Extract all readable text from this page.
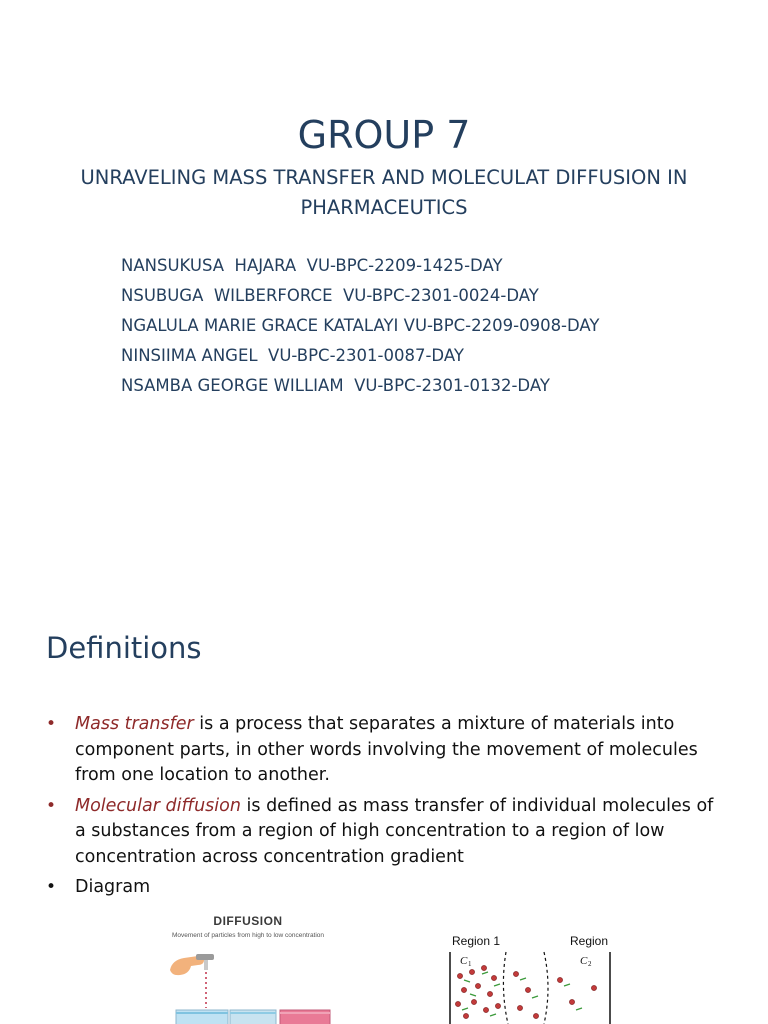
GROUP 7
UNRAVELING MASS TRANSFER AND MOLECULAT DIFFUSION IN PHARMACEUTICS
NANSUKUSA  HAJARA  VU-BPC-2209-1425-DAY
NSUBUGA  WILBERFORCE  VU-BPC-2301-0024-DAY
NGALULA MARIE GRACE KATALAYI VU-BPC-2209-0908-DAY
NINSIIMA ANGEL  VU-BPC-2301-0087-DAY
NSAMBA GEORGE WILLIAM  VU-BPC-2301-0132-DAY
Definitions
• Mass transfer is a process that separates a mixture of materials into component parts, in other words involving the movement of molecules from one location to another.
• Molecular diffusion is defined as mass transfer of individual molecules of a substances from a region of high concentration to a region of low concentration across concentration gradient
• Diagram
DIFFUSION
Movement of particles from high to low concentration	Region 1	Region
C 1	C 2
